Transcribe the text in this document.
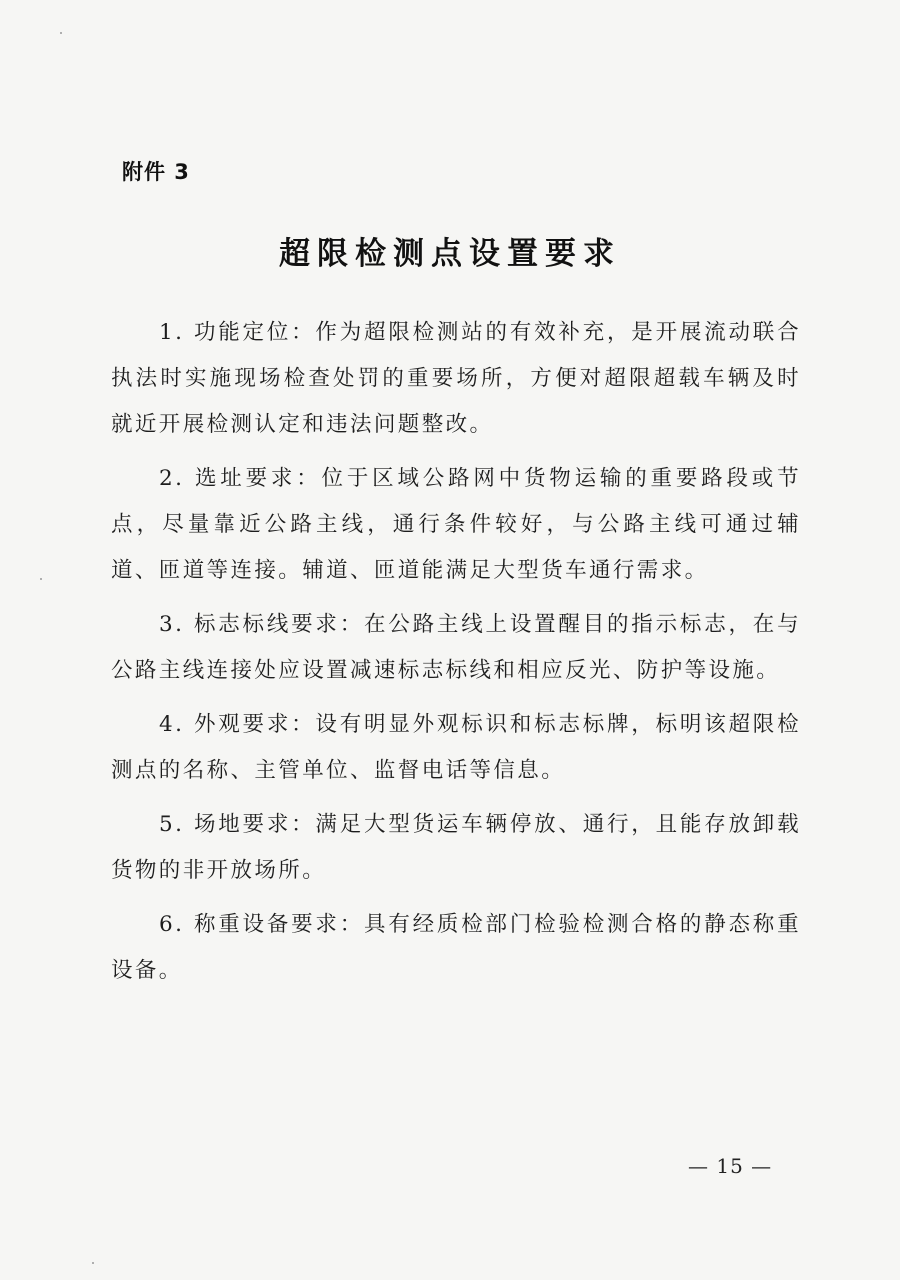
附件 3
超限检测点设置要求

1. 功能定位：作为超限检测站的有效补充，是开展流动联合执法时实施现场检查处罚的重要场所，方便对超限超载车辆及时就近开展检测认定和违法问题整改。

2. 选址要求：位于区域公路网中货物运输的重要路段或节点，尽量靠近公路主线，通行条件较好，与公路主线可通过辅道、匝道等连接。辅道、匝道能满足大型货车通行需求。

3. 标志标线要求：在公路主线上设置醒目的指示标志，在与公路主线连接处应设置减速标志标线和相应反光、防护等设施。

4. 外观要求：设有明显外观标识和标志标牌，标明该超限检测点的名称、主管单位、监督电话等信息。

5. 场地要求：满足大型货运车辆停放、通行，且能存放卸载货物的非开放场所。

6. 称重设备要求：具有经质检部门检验检测合格的静态称重设备。

— 15 —
